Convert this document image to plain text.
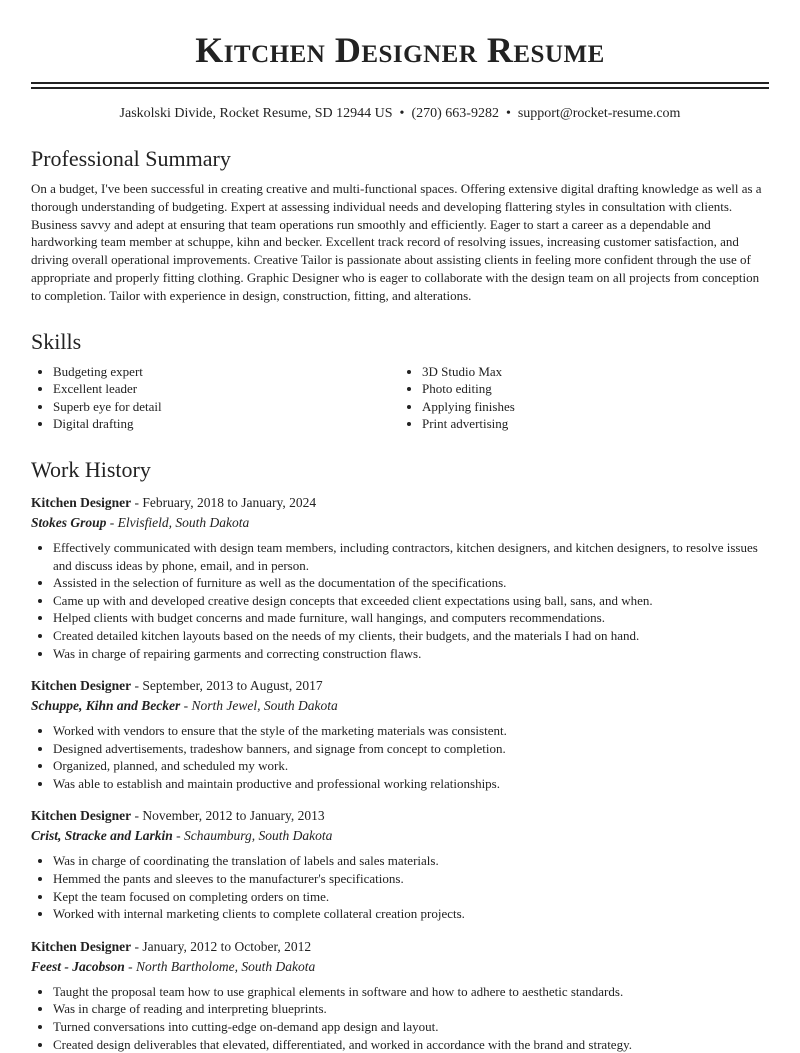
Kitchen Designer Resume
Jaskolski Divide, Rocket Resume, SD 12944 US • (270) 663-9282 • support@rocket-resume.com
Professional Summary

On a budget, I've been successful in creating creative and multi-functional spaces. Offering extensive digital drafting knowledge as well as a thorough understanding of budgeting. Expert at assessing individual needs and developing flattering styles in consultation with clients. Business savvy and adept at ensuring that team operations run smoothly and efficiently. Eager to start a career as a dependable and hardworking team member at schuppe, kihn and becker. Excellent track record of resolving issues, increasing customer satisfaction, and driving overall operational improvements. Creative Tailor is passionate about assisting clients in feeling more confident through the use of appropriate and properly fitting clothing. Graphic Designer who is eager to collaborate with the design team on all projects from conception to completion. Tailor with experience in design, construction, fitting, and alterations.

Skills
• Budgeting expert
• Excellent leader
• Superb eye for detail
• Digital drafting
• 3D Studio Max
• Photo editing
• Applying finishes
• Print advertising
Work History
Kitchen Designer - February, 2018 to January, 2024
Stokes Group - Elvisfield, South Dakota
• Effectively communicated with design team members, including contractors, kitchen designers, and kitchen designers, to resolve issues and discuss ideas by phone, email, and in person.
• Assisted in the selection of furniture as well as the documentation of the specifications.
• Came up with and developed creative design concepts that exceeded client expectations using ball, sans, and when.
• Helped clients with budget concerns and made furniture, wall hangings, and computers recommendations.
• Created detailed kitchen layouts based on the needs of my clients, their budgets, and the materials I had on hand.
• Was in charge of repairing garments and correcting construction flaws.
Kitchen Designer - September, 2013 to August, 2017
Schuppe, Kihn and Becker - North Jewel, South Dakota
• Worked with vendors to ensure that the style of the marketing materials was consistent.
• Designed advertisements, tradeshow banners, and signage from concept to completion.
• Organized, planned, and scheduled my work.
• Was able to establish and maintain productive and professional working relationships.
Kitchen Designer - November, 2012 to January, 2013
Crist, Stracke and Larkin - Schaumburg, South Dakota
• Was in charge of coordinating the translation of labels and sales materials.
• Hemmed the pants and sleeves to the manufacturer's specifications.
• Kept the team focused on completing orders on time.
• Worked with internal marketing clients to complete collateral creation projects.
Kitchen Designer - January, 2012 to October, 2012
Feest - Jacobson - North Bartholome, South Dakota
• Taught the proposal team how to use graphical elements in software and how to adhere to aesthetic standards.
• Was in charge of reading and interpreting blueprints.
• Turned conversations into cutting-edge on-demand app design and layout.
• Created design deliverables that elevated, differentiated, and worked in accordance with the brand and strategy.
